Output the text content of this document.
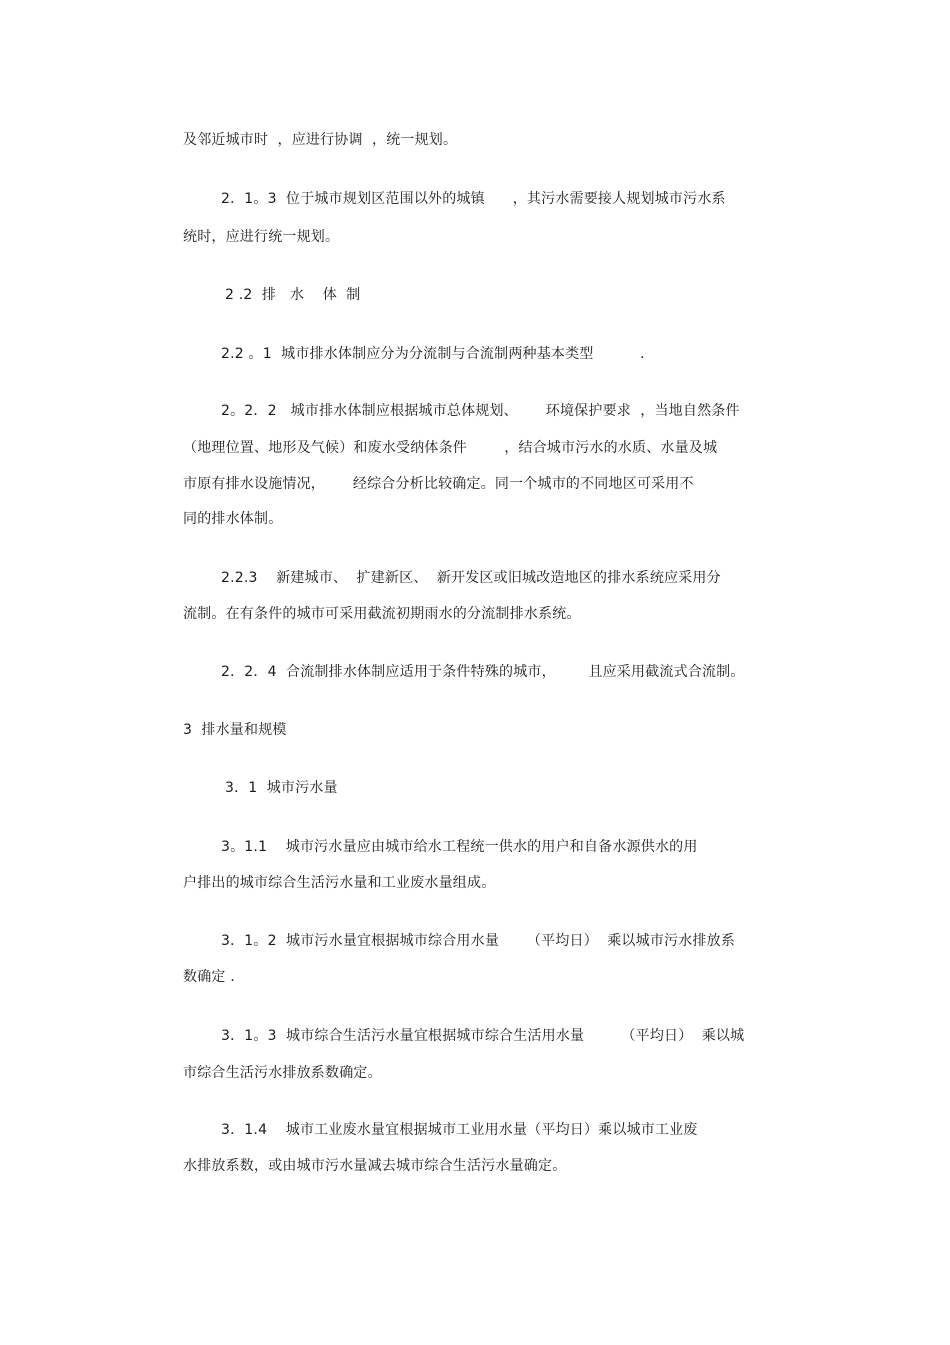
及邻近城市时  ，应进行协调  ，统一规划。
2．1。3  位于城市规划区范围以外的城镇      ，其污水需要接人规划城市污水系
统时，应进行统一规划。
2 .2  排   水    体  制
2.2 。1  城市排水体制应分为分流制与合流制两种基本类型          .
2。2．2   城市排水体制应根据城市总体规划、      环境保护要求  ，当地自然条件
（地理位置、地形及气候）和废水受纳体条件        ，结合城市污水的水质、水量及城
市原有排水设施情况，      经综合分析比较确定。同一个城市的不同地区可采用不
同的排水体制。
2.2.3    新建城市、  扩建新区、  新开发区或旧城改造地区的排水系统应采用分
流制。在有条件的城市可采用截流初期雨水的分流制排水系统。
2．2．4  合流制排水体制应适用于条件特殊的城市，       且应采用截流式合流制。
3  排水量和规模
3．1  城市污水量
3。1.1    城市污水量应由城市给水工程统一供水的用户和自备水源供水的用
户排出的城市综合生活污水量和工业废水量组成。
3．1。2  城市污水量宜根据城市综合用水量      （平均日）  乘以城市污水排放系
数确定 .
3．1。3  城市综合生活污水量宜根据城市综合生活用水量        （平均日）  乘以城
市综合生活污水排放系数确定。
3．1.4    城市工业废水量宜根据城市工业用水量（平均日）乘以城市工业废
水排放系数，或由城市污水量减去城市综合生活污水量确定。
